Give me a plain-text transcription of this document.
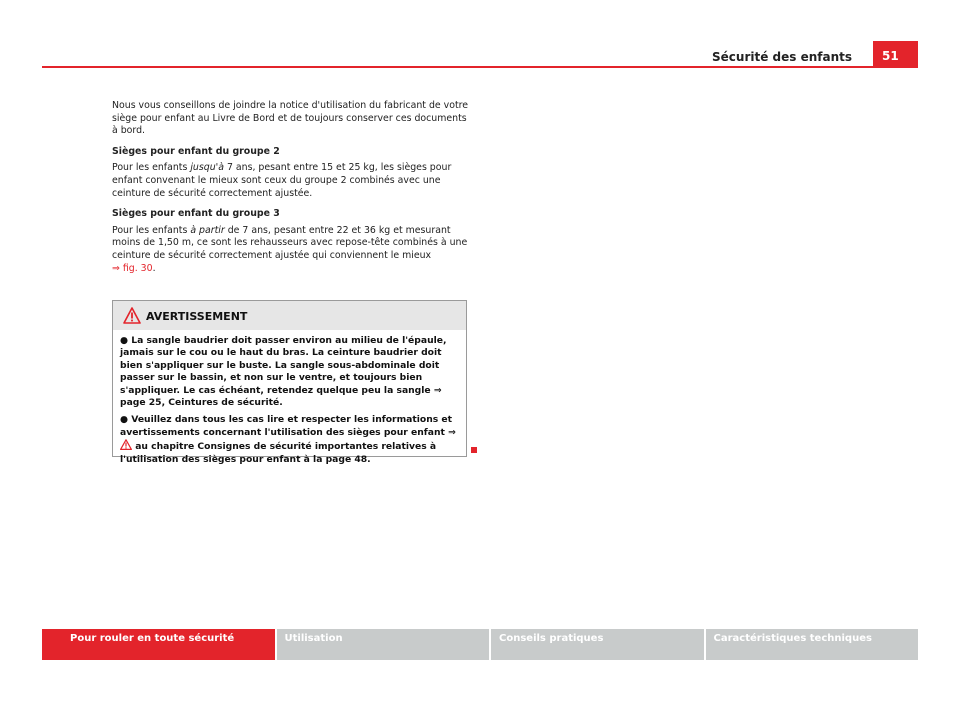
Sécurité des enfants	51

Nous vous conseillons de joindre la notice d'utilisation du fabricant de votre siège pour enfant au Livre de Bord et de toujours conserver ces documents à bord.

Sièges pour enfant du groupe 2

Pour les enfants jusqu'à 7 ans, pesant entre 15 et 25 kg, les sièges pour enfant convenant le mieux sont ceux du groupe 2 combinés avec une ceinture de sécurité correctement ajustée.

Sièges pour enfant du groupe 3

Pour les enfants à partir de 7 ans, pesant entre 22 et 36 kg et mesurant moins de 1,50 m, ce sont les rehausseurs avec repose-tête combinés à une ceinture de sécurité correctement ajustée qui conviennent le mieux
⇒ fig. 30.

AVERTISSEMENT

● La sangle baudrier doit passer environ au milieu de l'épaule, jamais sur le cou ou le haut du bras. La ceinture baudrier doit bien s'appliquer sur le buste. La sangle sous-abdominale doit passer sur le bassin, et non sur le ventre, et toujours bien s'appliquer. Le cas échéant, retendez quelque peu la sangle ⇒ page 25, Ceintures de sécurité.

● Veuillez dans tous les cas lire et respecter les informations et avertissements concernant l'utilisation des sièges pour enfant ⇒  au chapitre Consignes de sécurité importantes relatives à l'utilisation des sièges pour enfant à la page 48.

Pour rouler en toute sécurité	Utilisation	Conseils pratiques	Caractéristiques techniques
